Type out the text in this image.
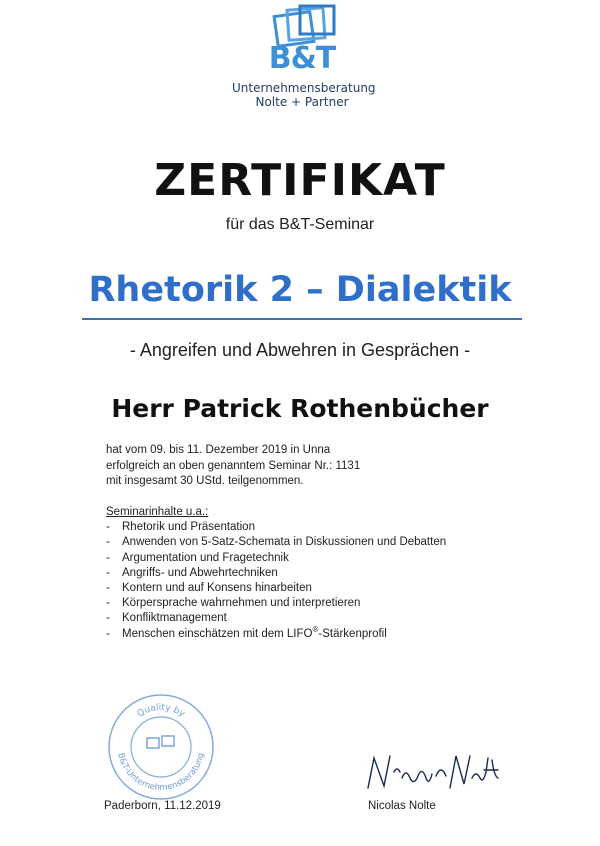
B&T
Unternehmensberatung
Nolte + Partner
ZERTIFIKAT
für das B&T-Seminar
Rhetorik 2 – Dialektik
- Angreifen und Abwehren in Gesprächen -
Herr Patrick Rothenbücher
hat vom 09. bis 11. Dezember 2019 in Unna
erfolgreich an oben genanntem Seminar Nr.: 1131
mit insgesamt 30 UStd. teilgenommen.
Seminarinhalte u.a.:
- Rhetorik und Präsentation
- Anwenden von 5-Satz-Schemata in Diskussionen und Debatten
- Argumentation und Fragetechnik
- Angriffs- und Abwehrtechniken
- Kontern und auf Konsens hinarbeiten
- Körpersprache wahrnehmen und interpretieren
- Konfliktmanagement
- Menschen einschätzen mit dem LIFO®-Stärkenprofil
Quality by
B&T-Unternehmensberatung
Paderborn, 11.12.2019	Nicolas Nolte
